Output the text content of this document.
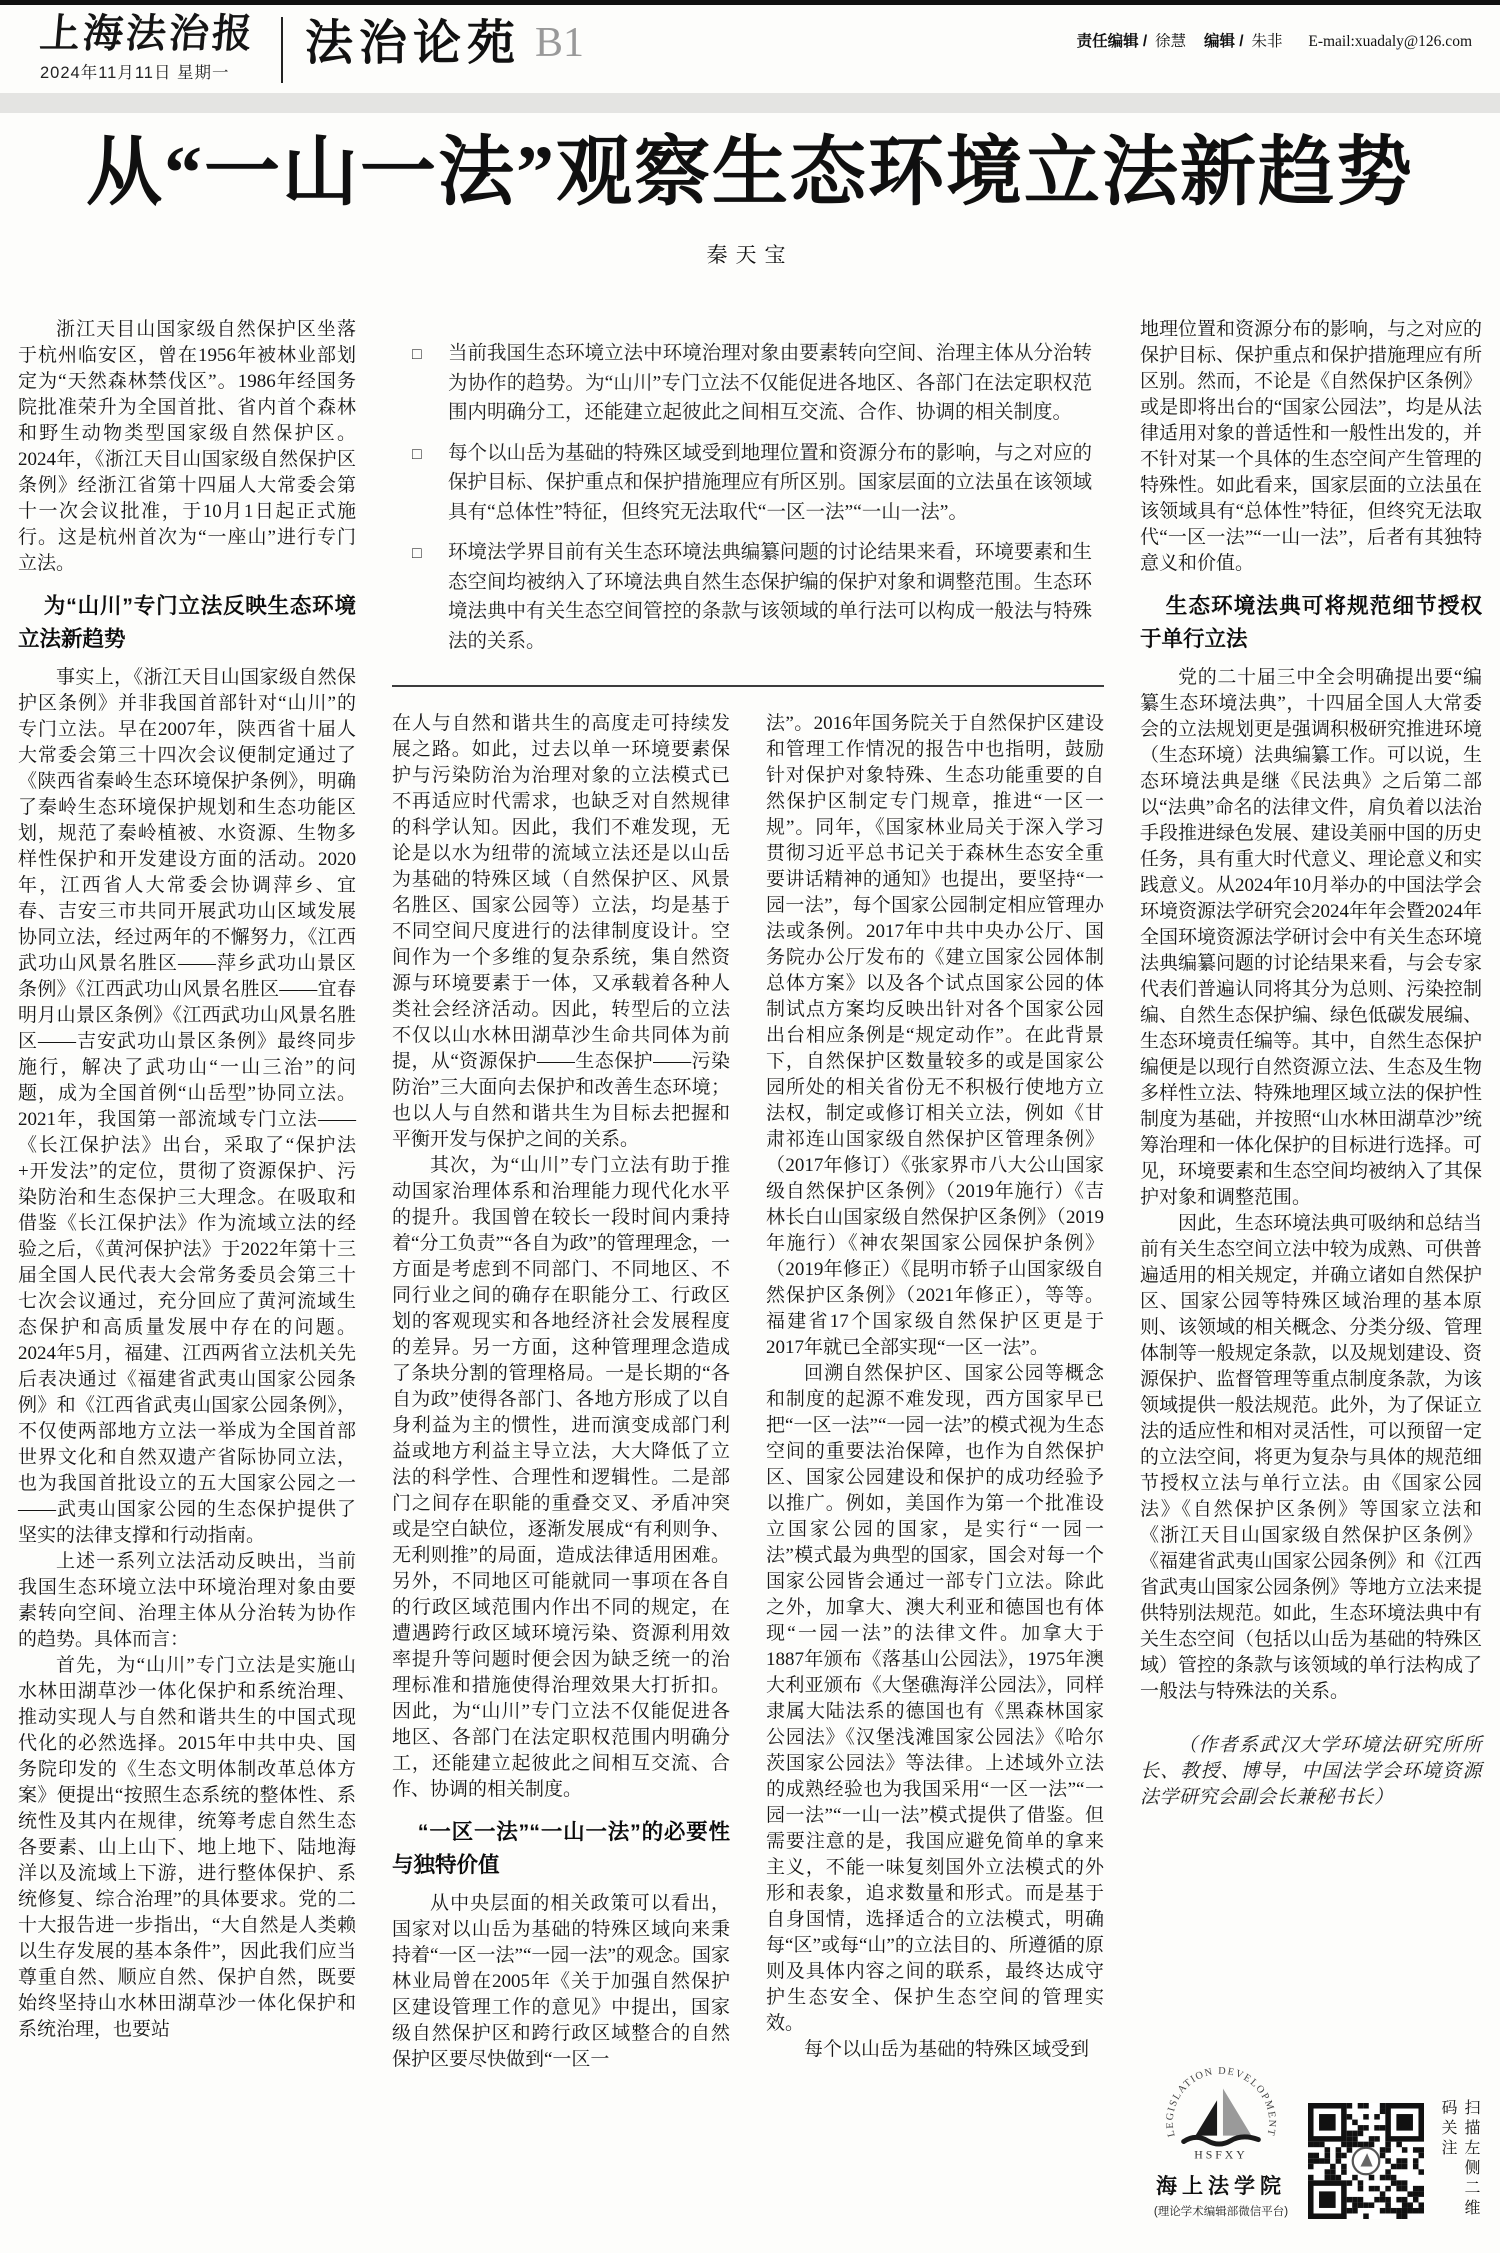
上海法治报
2024年11月11日 星期一
法治论苑 B1	责任编辑 / 徐慧 编辑 / 朱非 E-mail:xuadaly@126.com
从“一山一法”观察生态环境立法新趋势
秦天宝

浙江天目山国家级自然保护区坐落于杭州临安区，曾在1956年被林业部划定为“天然森林禁伐区”。1986年经国务院批准荣升为全国首批、省内首个森林和野生动物类型国家级自然保护区。2024年，《浙江天目山国家级自然保护区条例》经浙江省第十四届人大常委会第十一次会议批准，于10月1日起正式施行。这是杭州首次为“一座山”进行专门立法。

为“山川”专门立法反映生态环境立法新趋势

事实上，《浙江天目山国家级自然保护区条例》并非我国首部针对“山川”的专门立法。早在2007年，陕西省十届人大常委会第三十四次会议便制定通过了《陕西省秦岭生态环境保护条例》，明确了秦岭生态环境保护规划和生态功能区划，规范了秦岭植被、水资源、生物多样性保护和开发建设方面的活动。2020年，江西省人大常委会协调萍乡、宜春、吉安三市共同开展武功山区域发展协同立法，经过两年的不懈努力，《江西武功山风景名胜区——萍乡武功山景区条例》《江西武功山风景名胜区——宜春明月山景区条例》《江西武功山风景名胜区——吉安武功山景区条例》最终同步施行，解决了武功山“一山三治”的问题，成为全国首例“山岳型”协同立法。2021年，我国第一部流域专门立法——《长江保护法》出台，采取了“保护法+开发法”的定位，贯彻了资源保护、污染防治和生态保护三大理念。在吸取和借鉴《长江保护法》作为流域立法的经验之后，《黄河保护法》于2022年第十三届全国人民代表大会常务委员会第三十七次会议通过，充分回应了黄河流域生态保护和高质量发展中存在的问题。2024年5月，福建、江西两省立法机关先后表决通过《福建省武夷山国家公园条例》和《江西省武夷山国家公园条例》，不仅使两部地方立法一举成为全国首部世界文化和自然双遗产省际协同立法，也为我国首批设立的五大国家公园之一——武夷山国家公园的生态保护提供了坚实的法律支撑和行动指南。

上述一系列立法活动反映出，当前我国生态环境立法中环境治理对象由要素转向空间、治理主体从分治转为协作的趋势。具体而言：

首先，为“山川”专门立法是实施山水林田湖草沙一体化保护和系统治理、推动实现人与自然和谐共生的中国式现代化的必然选择。2015年中共中央、国务院印发的《生态文明体制改革总体方案》便提出“按照生态系统的整体性、系统性及其内在规律，统筹考虑自然生态各要素、山上山下、地上地下、陆地海洋以及流域上下游，进行整体保护、系统修复、综合治理”的具体要求。党的二十大报告进一步指出，“大自然是人类赖以生存发展的基本条件”，因此我们应当尊重自然、顺应自然、保护自然，既要始终坚持山水林田湖草沙一体化保护和系统治理，也要站

□ 当前我国生态环境立法中环境治理对象由要素转向空间、治理主体从分治转为协作的趋势。为“山川”专门立法不仅能促进各地区、各部门在法定职权范围内明确分工，还能建立起彼此之间相互交流、合作、协调的相关制度。
□ 每个以山岳为基础的特殊区域受到地理位置和资源分布的影响，与之对应的保护目标、保护重点和保护措施理应有所区别。国家层面的立法虽在该领域具有“总体性”特征，但终究无法取代“一区一法”“一山一法”。
□ 环境法学界目前有关生态环境法典编纂问题的讨论结果来看，环境要素和生态空间均被纳入了环境法典自然生态保护编的保护对象和调整范围。生态环境法典中有关生态空间管控的条款与该领域的单行法可以构成一般法与特殊法的关系。

在人与自然和谐共生的高度走可持续发展之路。如此，过去以单一环境要素保护与污染防治为治理对象的立法模式已不再适应时代需求，也缺乏对自然规律的科学认知。因此，我们不难发现，无论是以水为纽带的流域立法还是以山岳为基础的特殊区域（自然保护区、风景名胜区、国家公园等）立法，均是基于不同空间尺度进行的法律制度设计。空间作为一个多维的复杂系统，集自然资源与环境要素于一体，又承载着各种人类社会经济活动。因此，转型后的立法不仅以山水林田湖草沙生命共同体为前提，从“资源保护——生态保护——污染防治”三大面向去保护和改善生态环境；也以人与自然和谐共生为目标去把握和平衡开发与保护之间的关系。

其次，为“山川”专门立法有助于推动国家治理体系和治理能力现代化水平的提升。我国曾在较长一段时间内秉持着“分工负责”“各自为政”的管理理念，一方面是考虑到不同部门、不同地区、不同行业之间的确存在职能分工、行政区划的客观现实和各地经济社会发展程度的差异。另一方面，这种管理理念造成了条块分割的管理格局。一是长期的“各自为政”使得各部门、各地方形成了以自身利益为主的惯性，进而演变成部门利益或地方利益主导立法，大大降低了立法的科学性、合理性和逻辑性。二是部门之间存在职能的重叠交叉、矛盾冲突或是空白缺位，逐渐发展成“有利则争、无利则推”的局面，造成法律适用困难。另外，不同地区可能就同一事项在各自的行政区域范围内作出不同的规定，在遭遇跨行政区域环境污染、资源利用效率提升等问题时便会因为缺乏统一的治理标准和措施使得治理效果大打折扣。因此，为“山川”专门立法不仅能促进各地区、各部门在法定职权范围内明确分工，还能建立起彼此之间相互交流、合作、协调的相关制度。

“一区一法”“一山一法”的必要性与独特价值

从中央层面的相关政策可以看出，国家对以山岳为基础的特殊区域向来秉持着“一区一法”“一园一法”的观念。国家林业局曾在2005年《关于加强自然保护区建设管理工作的意见》中提出，国家级自然保护区和跨行政区域整合的自然保护区要尽快做到“一区一

法”。2016年国务院关于自然保护区建设和管理工作情况的报告中也指明，鼓励针对保护对象特殊、生态功能重要的自然保护区制定专门规章，推进“一区一规”。同年，《国家林业局关于深入学习贯彻习近平总书记关于森林生态安全重要讲话精神的通知》也提出，要坚持“一园一法”，每个国家公园制定相应管理办法或条例。2017年中共中央办公厅、国务院办公厅发布的《建立国家公园体制总体方案》以及各个试点国家公园的体制试点方案均反映出针对各个国家公园出台相应条例是“规定动作”。在此背景下，自然保护区数量较多的或是国家公园所处的相关省份无不积极行使地方立法权，制定或修订相关立法，例如《甘肃祁连山国家级自然保护区管理条例》（2017年修订）《张家界市八大公山国家级自然保护区条例》（2019年施行）《吉林长白山国家级自然保护区条例》（2019年施行）《神农架国家公园保护条例》（2019年修正）《昆明市轿子山国家级自然保护区条例》（2021年修正），等等。福建省17个国家级自然保护区更是于2017年就已全部实现“一区一法”。

回溯自然保护区、国家公园等概念和制度的起源不难发现，西方国家早已把“一区一法”“一园一法”的模式视为生态空间的重要法治保障，也作为自然保护区、国家公园建设和保护的成功经验予以推广。例如，美国作为第一个批准设立国家公园的国家，是实行“一园一法”模式最为典型的国家，国会对每一个国家公园皆会通过一部专门立法。除此之外，加拿大、澳大利亚和德国也有体现“一园一法”的法律文件。加拿大于1887年颁布《落基山公园法》，1975年澳大利亚颁布《大堡礁海洋公园法》，同样隶属大陆法系的德国也有《黑森林国家公园法》《汉堡浅滩国家公园法》《哈尔茨国家公园法》等法律。上述域外立法的成熟经验也为我国采用“一区一法”“一园一法”“一山一法”模式提供了借鉴。但需要注意的是，我国应避免简单的拿来主义，不能一味复刻国外立法模式的外形和表象，追求数量和形式。而是基于自身国情，选择适合的立法模式，明确每“区”或每“山”的立法目的、所遵循的原则及具体内容之间的联系，最终达成守护生态安全、保护生态空间的管理实效。

每个以山岳为基础的特殊区域受到

地理位置和资源分布的影响，与之对应的保护目标、保护重点和保护措施理应有所区别。然而，不论是《自然保护区条例》或是即将出台的“国家公园法”，均是从法律适用对象的普适性和一般性出发的，并不针对某一个具体的生态空间产生管理的特殊性。如此看来，国家层面的立法虽在该领域具有“总体性”特征，但终究无法取代“一区一法”“一山一法”，后者有其独特意义和价值。

生态环境法典可将规范细节授权于单行立法

党的二十届三中全会明确提出要“编纂生态环境法典”，十四届全国人大常委会的立法规划更是强调积极研究推进环境（生态环境）法典编纂工作。可以说，生态环境法典是继《民法典》之后第二部以“法典”命名的法律文件，肩负着以法治手段推进绿色发展、建设美丽中国的历史任务，具有重大时代意义、理论意义和实践意义。从2024年10月举办的中国法学会环境资源法学研究会2024年年会暨2024年全国环境资源法学研讨会中有关生态环境法典编纂问题的讨论结果来看，与会专家代表们普遍认同将其分为总则、污染控制编、自然生态保护编、绿色低碳发展编、生态环境责任编等。其中，自然生态保护编便是以现行自然资源立法、生态及生物多样性立法、特殊地理区域立法的保护性制度为基础，并按照“山水林田湖草沙”统筹治理和一体化保护的目标进行选择。可见，环境要素和生态空间均被纳入了其保护对象和调整范围。

因此，生态环境法典可吸纳和总结当前有关生态空间立法中较为成熟、可供普遍适用的相关规定，并确立诸如自然保护区、国家公园等特殊区域治理的基本原则、该领域的相关概念、分类分级、管理体制等一般规定条款，以及规划建设、资源保护、监督管理等重点制度条款，为该领域提供一般法规范。此外，为了保证立法的适应性和相对灵活性，可以预留一定的立法空间，将更为复杂与具体的规范细节授权立法与单行立法。由《国家公园法》《自然保护区条例》等国家立法和《浙江天目山国家级自然保护区条例》《福建省武夷山国家公园条例》和《江西省武夷山国家公园条例》等地方立法来提供特别法规范。如此，生态环境法典中有关生态空间（包括以山岳为基础的特殊区域）管控的条款与该领域的单行法构成了一般法与特殊法的关系。

（作者系武汉大学环境法研究所所长、教授、博导，中国法学会环境资源法学研究会副会长兼秘书长）

LEGISLATION DEVELOPMENT
HSFXY
海上法学院
(理论学术编辑部微信平台)	扫描左侧二维码关注
